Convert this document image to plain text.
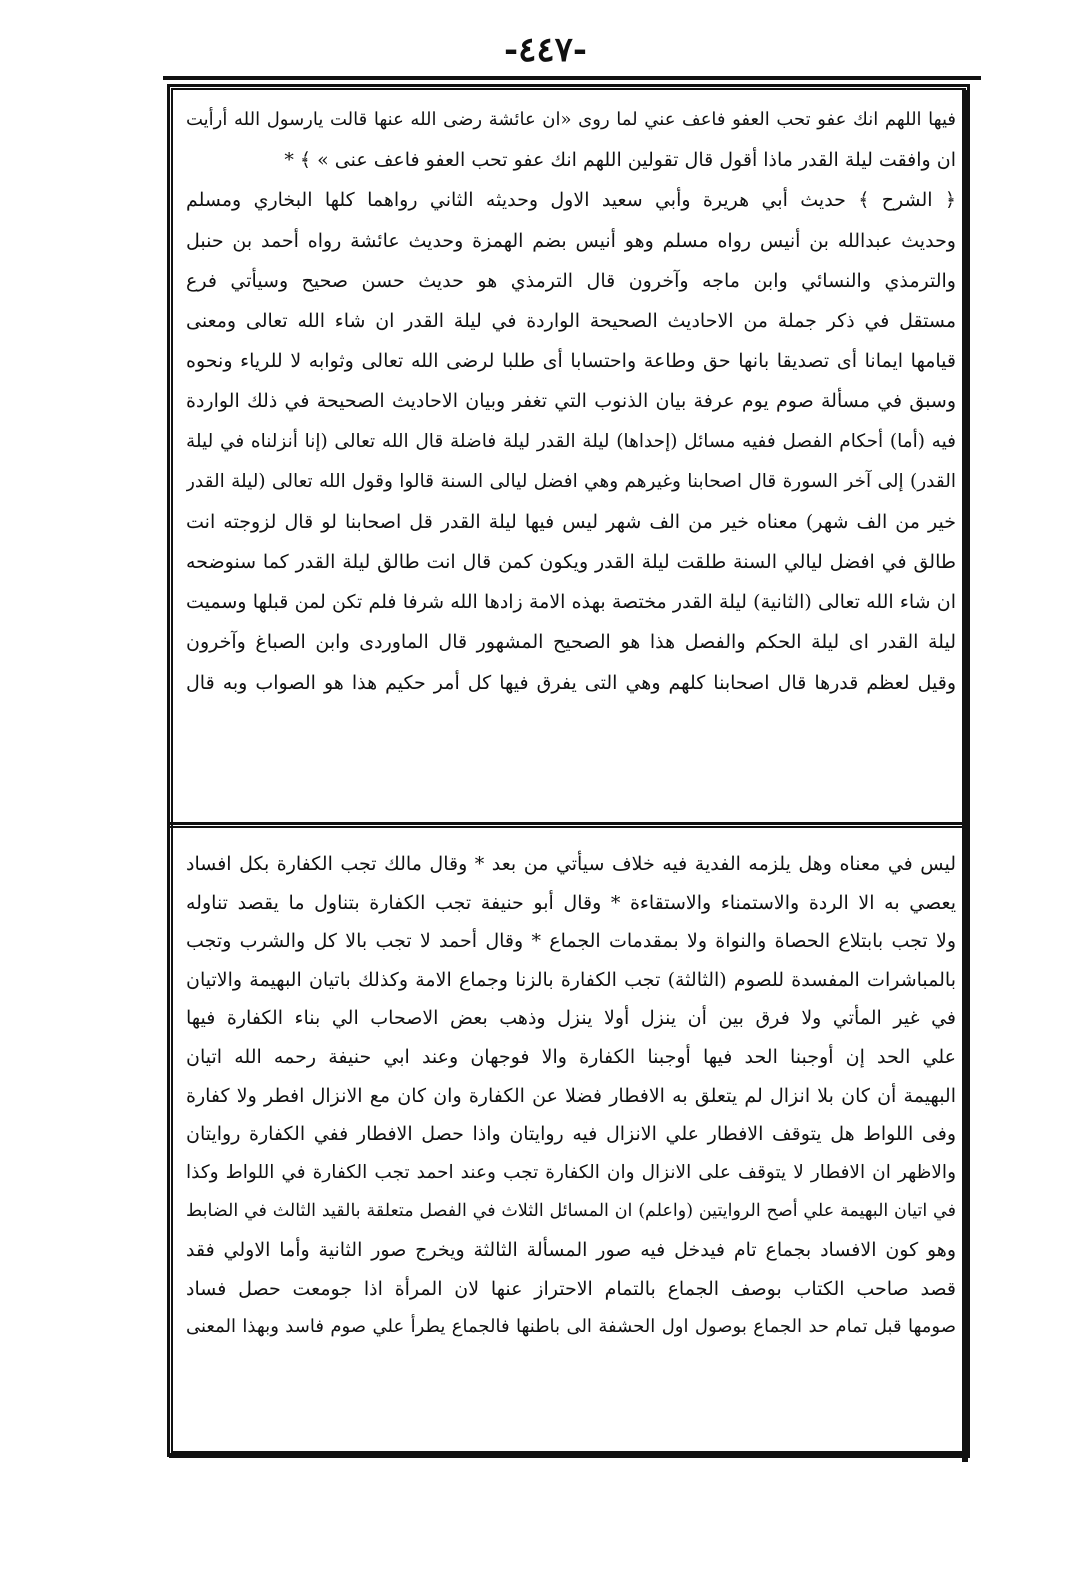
-٤٤٧-
فيها اللهم انك عفو تحب العفو فاعف عني لما روى «ان عائشة رضى الله عنها قالت يارسول الله أرأيت
ان وافقت ليلة القدر ماذا أقول قال تقولين اللهم انك عفو تحب العفو فاعف عنى » ﴾ *
﴿ الشرح ﴾ حديث أبي هريرة وأبي سعيد الاول وحديثه الثاني رواهما كلها البخاري ومسلم
وحديث عبدالله بن أنيس رواه مسلم وهو أنيس بضم الهمزة وحديث عائشة رواه أحمد بن حنبل
والترمذي والنسائي وابن ماجه وآخرون قال الترمذي هو حديث حسن صحيح وسيأتي فرع
مستقل في ذكر جملة من الاحاديث الصحيحة الواردة في ليلة القدر ان شاء الله تعالى ومعنى
قيامها ايمانا أى تصديقا بانها حق وطاعة واحتسابا أى طلبا لرضى الله تعالى وثوابه لا للرياء ونحوه
وسبق في مسألة صوم يوم عرفة بيان الذنوب التي تغفر وبيان الاحاديث الصحيحة في ذلك الواردة
فيه (أما) أحكام الفصل ففيه مسائل (إحداها) ليلة القدر ليلة فاضلة قال الله تعالى (إنا أنزلناه في ليلة
القدر) إلى آخر السورة قال اصحابنا وغيرهم وهي افضل ليالى السنة قالوا وقول الله تعالى (ليلة القدر
خير من الف شهر) معناه خير من الف شهر ليس فيها ليلة القدر قل اصحابنا لو قال لزوجته انت
طالق في افضل ليالي السنة طلقت ليلة القدر ويكون كمن قال انت طالق ليلة القدر كما سنوضحه
ان شاء الله تعالى (الثانية) ليلة القدر مختصة بهذه الامة زادها الله شرفا فلم تكن لمن قبلها وسميت
ليلة القدر اى ليلة الحكم والفصل هذا هو الصحيح المشهور قال الماوردى وابن الصباغ وآخرون
وقيل لعظم قدرها قال اصحابنا كلهم وهي التى يفرق فيها كل أمر حكيم هذا هو الصواب وبه قال
ليس في معناه وهل يلزمه الفدية فيه خلاف سيأتي من بعد * وقال مالك تجب الكفارة بكل افساد
يعصي به الا الردة والاستمناء والاستقاءة * وقال أبو حنيفة تجب الكفارة بتناول ما يقصد تناوله
ولا تجب بابتلاع الحصاة والنواة ولا بمقدمات الجماع * وقال أحمد لا تجب بالا كل والشرب وتجب
بالمباشرات المفسدة للصوم (الثالثة) تجب الكفارة بالزنا وجماع الامة وكذلك باتيان البهيمة والاتيان
في غير المأتي ولا فرق بين أن ينزل أولا ينزل وذهب بعض الاصحاب الي بناء الكفارة فيها
علي الحد إن أوجبنا الحد فيها أوجبنا الكفارة والا فوجهان وعند ابي حنيفة رحمه الله اتيان
البهيمة أن كان بلا انزال لم يتعلق به الافطار فضلا عن الكفارة وان كان مع الانزال افطر ولا كفارة
وفى اللواط هل يتوقف الافطار علي الانزال فيه روايتان واذا حصل الافطار ففي الكفارة روايتان
والاظهر ان الافطار لا يتوقف على الانزال وان الكفارة تجب وعند احمد تجب الكفارة في اللواط وكذا
في اتيان البهيمة علي أصح الروايتين (واعلم) ان المسائل الثلاث في الفصل متعلقة بالقيد الثالث في الضابط
وهو كون الافساد بجماع تام فيدخل فيه صور المسألة الثالثة ويخرج صور الثانية وأما الاولي فقد
قصد صاحب الكتاب بوصف الجماع بالتمام الاحتراز عنها لان المرأة اذا جومعت حصل فساد
صومها قبل تمام حد الجماع بوصول اول الحشفة الى باطنها فالجماع يطرأ علي صوم فاسد وبهذا المعنى
